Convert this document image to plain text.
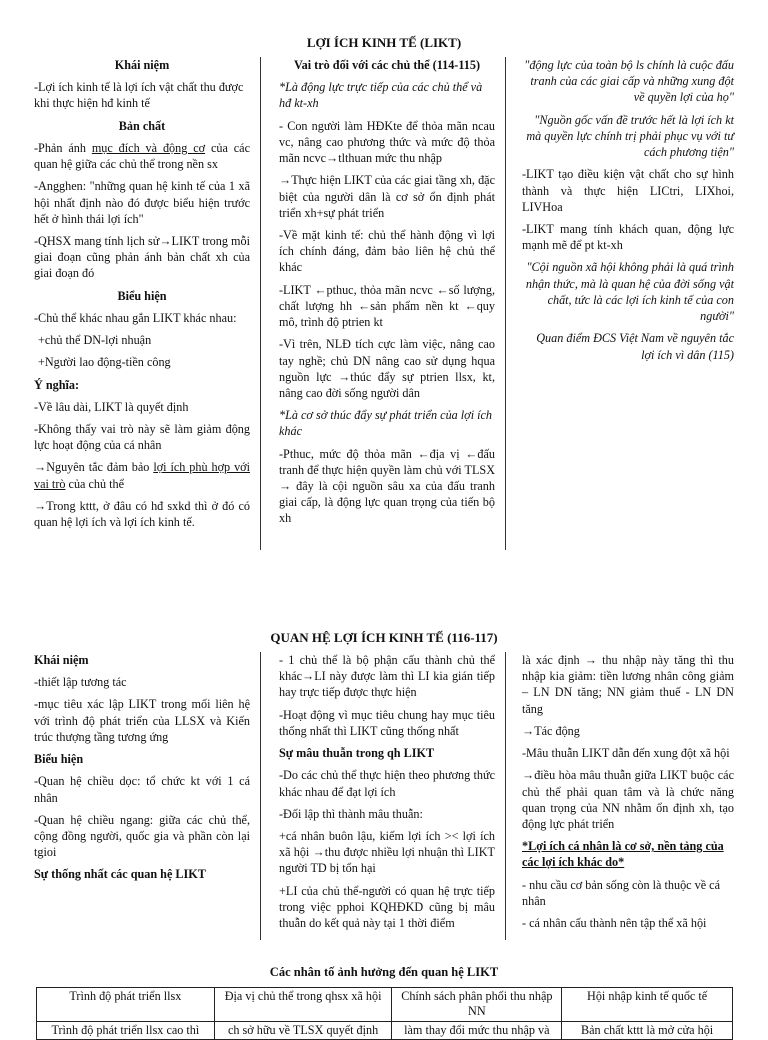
LỢI ÍCH KINH TẾ (LIKT)

Khái niệm

-Lợi ích kinh tế là lợi ích vật chất thu được khi thực hiện hđ kinh tế

Bản chất

-Phản ánh mục đích và động cơ của các quan hệ giữa các chủ thể trong nền sx

-Angghen: "những quan hệ kinh tế của 1 xã hội nhất định nào đó được biểu hiện trước hết ở hình thái lợi ích"

-QHSX mang tính lịch sử→LIKT trong mỗi giai đoạn cũng phản ánh bản chất xh của giai đoạn đó

Biểu hiện

-Chủ thể khác nhau gắn LIKT khác nhau:

+chủ thể DN-lợi nhuận

+Người lao động-tiền công

Ý nghĩa:

-Về lâu dài, LIKT là quyết định

-Không thấy vai trò này sẽ làm giảm động lực hoạt động của cá nhân

→Nguyên tắc đảm bảo lợi ích phù hợp với vai trò của chủ thể

→Trong kttt, ở đâu có hđ sxkd thì ở đó có quan hệ lợi ích và lợi ích kinh tế.

Vai trò đối với các chủ thể (114-115)

*Là động lực trực tiếp của các chủ thể và hđ kt-xh

- Con người làm HĐKte để thỏa mãn ncau vc, nâng cao phương thức và mức độ thỏa mãn ncvc→tlthuan mức thu nhập

→Thực hiện LIKT của các giai tầng xh, đặc biệt của người dân là cơ sở ổn định phát triển xh+sự phát triển

-Về mặt kinh tế: chủ thể hành động vì lợi ích chính đáng, đảm bảo liên hệ chủ thể khác

-LIKT ←pthuc, thỏa mãn ncvc ←số lượng, chất lượng hh ←sản phẩm nền kt ←quy mô, trình độ ptrien kt

-Vì trên, NLĐ tích cực làm việc, nâng cao tay nghề; chủ DN nâng cao sử dụng hqua nguồn lực →thúc đẩy sự ptrien llsx, kt, nâng cao đời sống người dân

*Là cơ sở thúc đẩy sự phát triển của lợi ích khác

-Pthuc, mức độ thỏa mãn ←địa vị ←đấu tranh để thực hiện quyền làm chủ với TLSX → đây là cội nguồn sâu xa của đấu tranh giai cấp, là động lực quan trọng của tiến bộ xh

"động lực của toàn bộ ls chính là cuộc đấu tranh của các giai cấp và những xung đột về quyền lợi của họ"

"Nguồn gốc vấn đề trước hết là lợi ích kt mà quyền lực chính trị phải phục vụ với tư cách phương tiện"

-LIKT tạo điều kiện vật chất cho sự hình thành và thực hiện LICtri, LIXhoi, LIVHoa

-LIKT mang tính khách quan, động lực mạnh mẽ để pt kt-xh

"Cội nguồn xã hội không phải là quá trình nhận thức, mà là quan hệ của đời sống vật chất, tức là các lợi ích kinh tế của con người"

Quan điểm ĐCS Việt Nam về nguyên tắc lợi ích vì dân (115)

QUAN HỆ LỢI ÍCH KINH TẾ (116-117)

Khái niệm

-thiết lập tương tác

-mục tiêu xác lập LIKT trong mối liên hệ với trình độ phát triển của LLSX và Kiến trúc thượng tầng tương ứng

Biểu hiện

-Quan hệ chiều dọc: tổ chức kt với 1 cá nhân

-Quan hệ chiều ngang: giữa các chủ thể, cộng đồng người, quốc gia và phần còn lại tgioi

Sự thống nhất các quan hệ LIKT

- 1 chủ thể là bộ phận cấu thành chủ thể khác→LI này được làm thì LI kia gián tiếp hay trực tiếp được thực hiện

-Hoạt động vì mục tiêu chung hay mục tiêu thống nhất thì LIKT cũng thống nhất

Sự mâu thuẫn trong qh LIKT

-Do các chủ thể thực hiện theo phương thức khác nhau để đạt lợi ích

-Đối lập thì thành mâu thuẫn:

+cá nhân buôn lậu, kiếm lợi ích >< lợi ích xã hội →thu được nhiều lợi nhuận thì LIKT người TD bị tổn hại

+LI của chủ thể-người có quan hệ trực tiếp trong việc pphoi KQHĐKD cũng bị mâu thuẫn do kết quả này tại 1 thời điểm

là xác định → thu nhập này tăng thì thu nhập kia giảm: tiền lương nhân công giảm – LN DN tăng; NN giảm thuế - LN DN tăng

→Tác động

-Mâu thuẫn LIKT dẫn đến xung đột xã hội

→điều hòa mâu thuẫn giữa LIKT buộc các chủ thể phải quan tâm và là chức năng quan trọng của NN nhằm ổn định xh, tạo động lực phát triển

*Lợi ích cá nhân là cơ sở, nền tảng của các lợi ích khác do*

- nhu cầu cơ bản sống còn là thuộc về cá nhân

- cá nhân cấu thành nên tập thể xã hội

Các nhân tố ảnh hưởng đến quan hệ LIKT
Trình độ phát triển llsx	Địa vị chủ thể trong qhsx xã hội	Chính sách phân phối thu nhập NN	Hội nhập kinh tế quốc tế
Trình độ phát triển llsx cao thì	ch sở hữu về TLSX quyết định	làm thay đổi mức thu nhập và	Bản chất kttt là mở cửa hội
